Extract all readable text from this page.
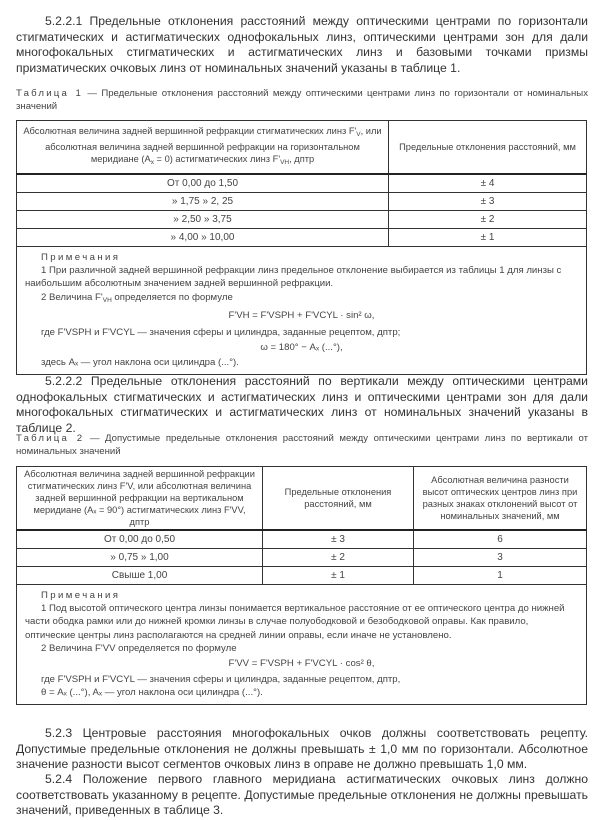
5.2.2.1 Предельные отклонения расстояний между оптическими центрами по горизонтали стигматических и астигматических однофокальных линз, оптическими центрами зон для дали многофокальных стигматических и астигматических линз и базовыми точками призмы призматических очковых линз от номинальных значений указаны в таблице 1.

Таблица 1 — Предельные отклонения расстояний между оптическими центрами линз по горизонтали от номинальных значений

Абсолютная величина задней вершинной рефракции стигматических линз $F'_V$, или абсолютная величина задней вершинной рефракции на горизонтальном меридиане $(A_x = 0)$ астигматических линз $F'_{VH}$, дптр	Предельные отклонения расстояний, мм
От 0,00 до 1,50	± 4
» 1,75 » 2, 25	± 3
» 2,50 » 3,75	± 2
» 4,00 » 10,00	± 1

Примечания
1 При различной задней вершинной рефракции линз предельное отклонение выбирается из таблицы 1 для линзы с наибольшим абсолютным значением задней вершинной рефракции.
2 Величина $F'_{VH}$ определяется по формуле
F'VH = F'VSPH + F'VCYL · sin² ω,
где F'VSPH и F'VCYL — значения сферы и цилиндра, заданные рецептом, дптр;
ω = 180° − Aₓ (...°),
здесь Aₓ — угол наклона оси цилиндра (...°).

5.2.2.2 Предельные отклонения расстояний по вертикали между оптическими центрами однофокальных стигматических и астигматических линз и оптическими центрами зон для дали многофокальных стигматических и астигматических линз от номинальных значений указаны в таблице 2.

Таблица 2 — Допустимые предельные отклонения расстояний между оптическими центрами линз по вертикали от номинальных значений

Абсолютная величина задней вершинной рефракции стигматических линз F'V, или абсолютная величина задней вершинной рефракции на вертикальном меридиане (Aₓ = 90°) астигматических линз F'VV, дптр	Предельные отклонения расстояний, мм	Абсолютная величина разности высот оптических центров линз при разных знаках отклонений высот от номинальных значений, мм
От 0,00 до 0,50	± 3	6
» 0,75 » 1,00	± 2	3
Свыше 1,00	± 1	1

Примечания
1 Под высотой оптического центра линзы понимается вертикальное расстояние от ее оптического центра до нижней части ободка рамки или до нижней кромки линзы в случае полуободковой и безободковой оправы. Как правило, оптические центры линз располагаются на средней линии оправы, если иначе не установлено.
2 Величина F'VV определяется по формуле
F'VV = F'VSPH + F'VCYL · cos² θ,
где F'VSPH и F'VCYL — значения сферы и цилиндра, заданные рецептом, дптр,
θ = Aₓ (...°), Aₓ — угол наклона оси цилиндра (...°).

5.2.3 Центровые расстояния многофокальных очков должны соответствовать рецепту. Допустимые предельные отклонения не должны превышать ± 1,0 мм по горизонтали. Абсолютное значение разности высот сегментов очковых линз в оправе не должно превышать 1,0 мм.

5.2.4 Положение первого главного меридиана астигматических очковых линз должно соответствовать указанному в рецепте. Допустимые предельные отклонения не должны превышать значений, приведенных в таблице 3.
